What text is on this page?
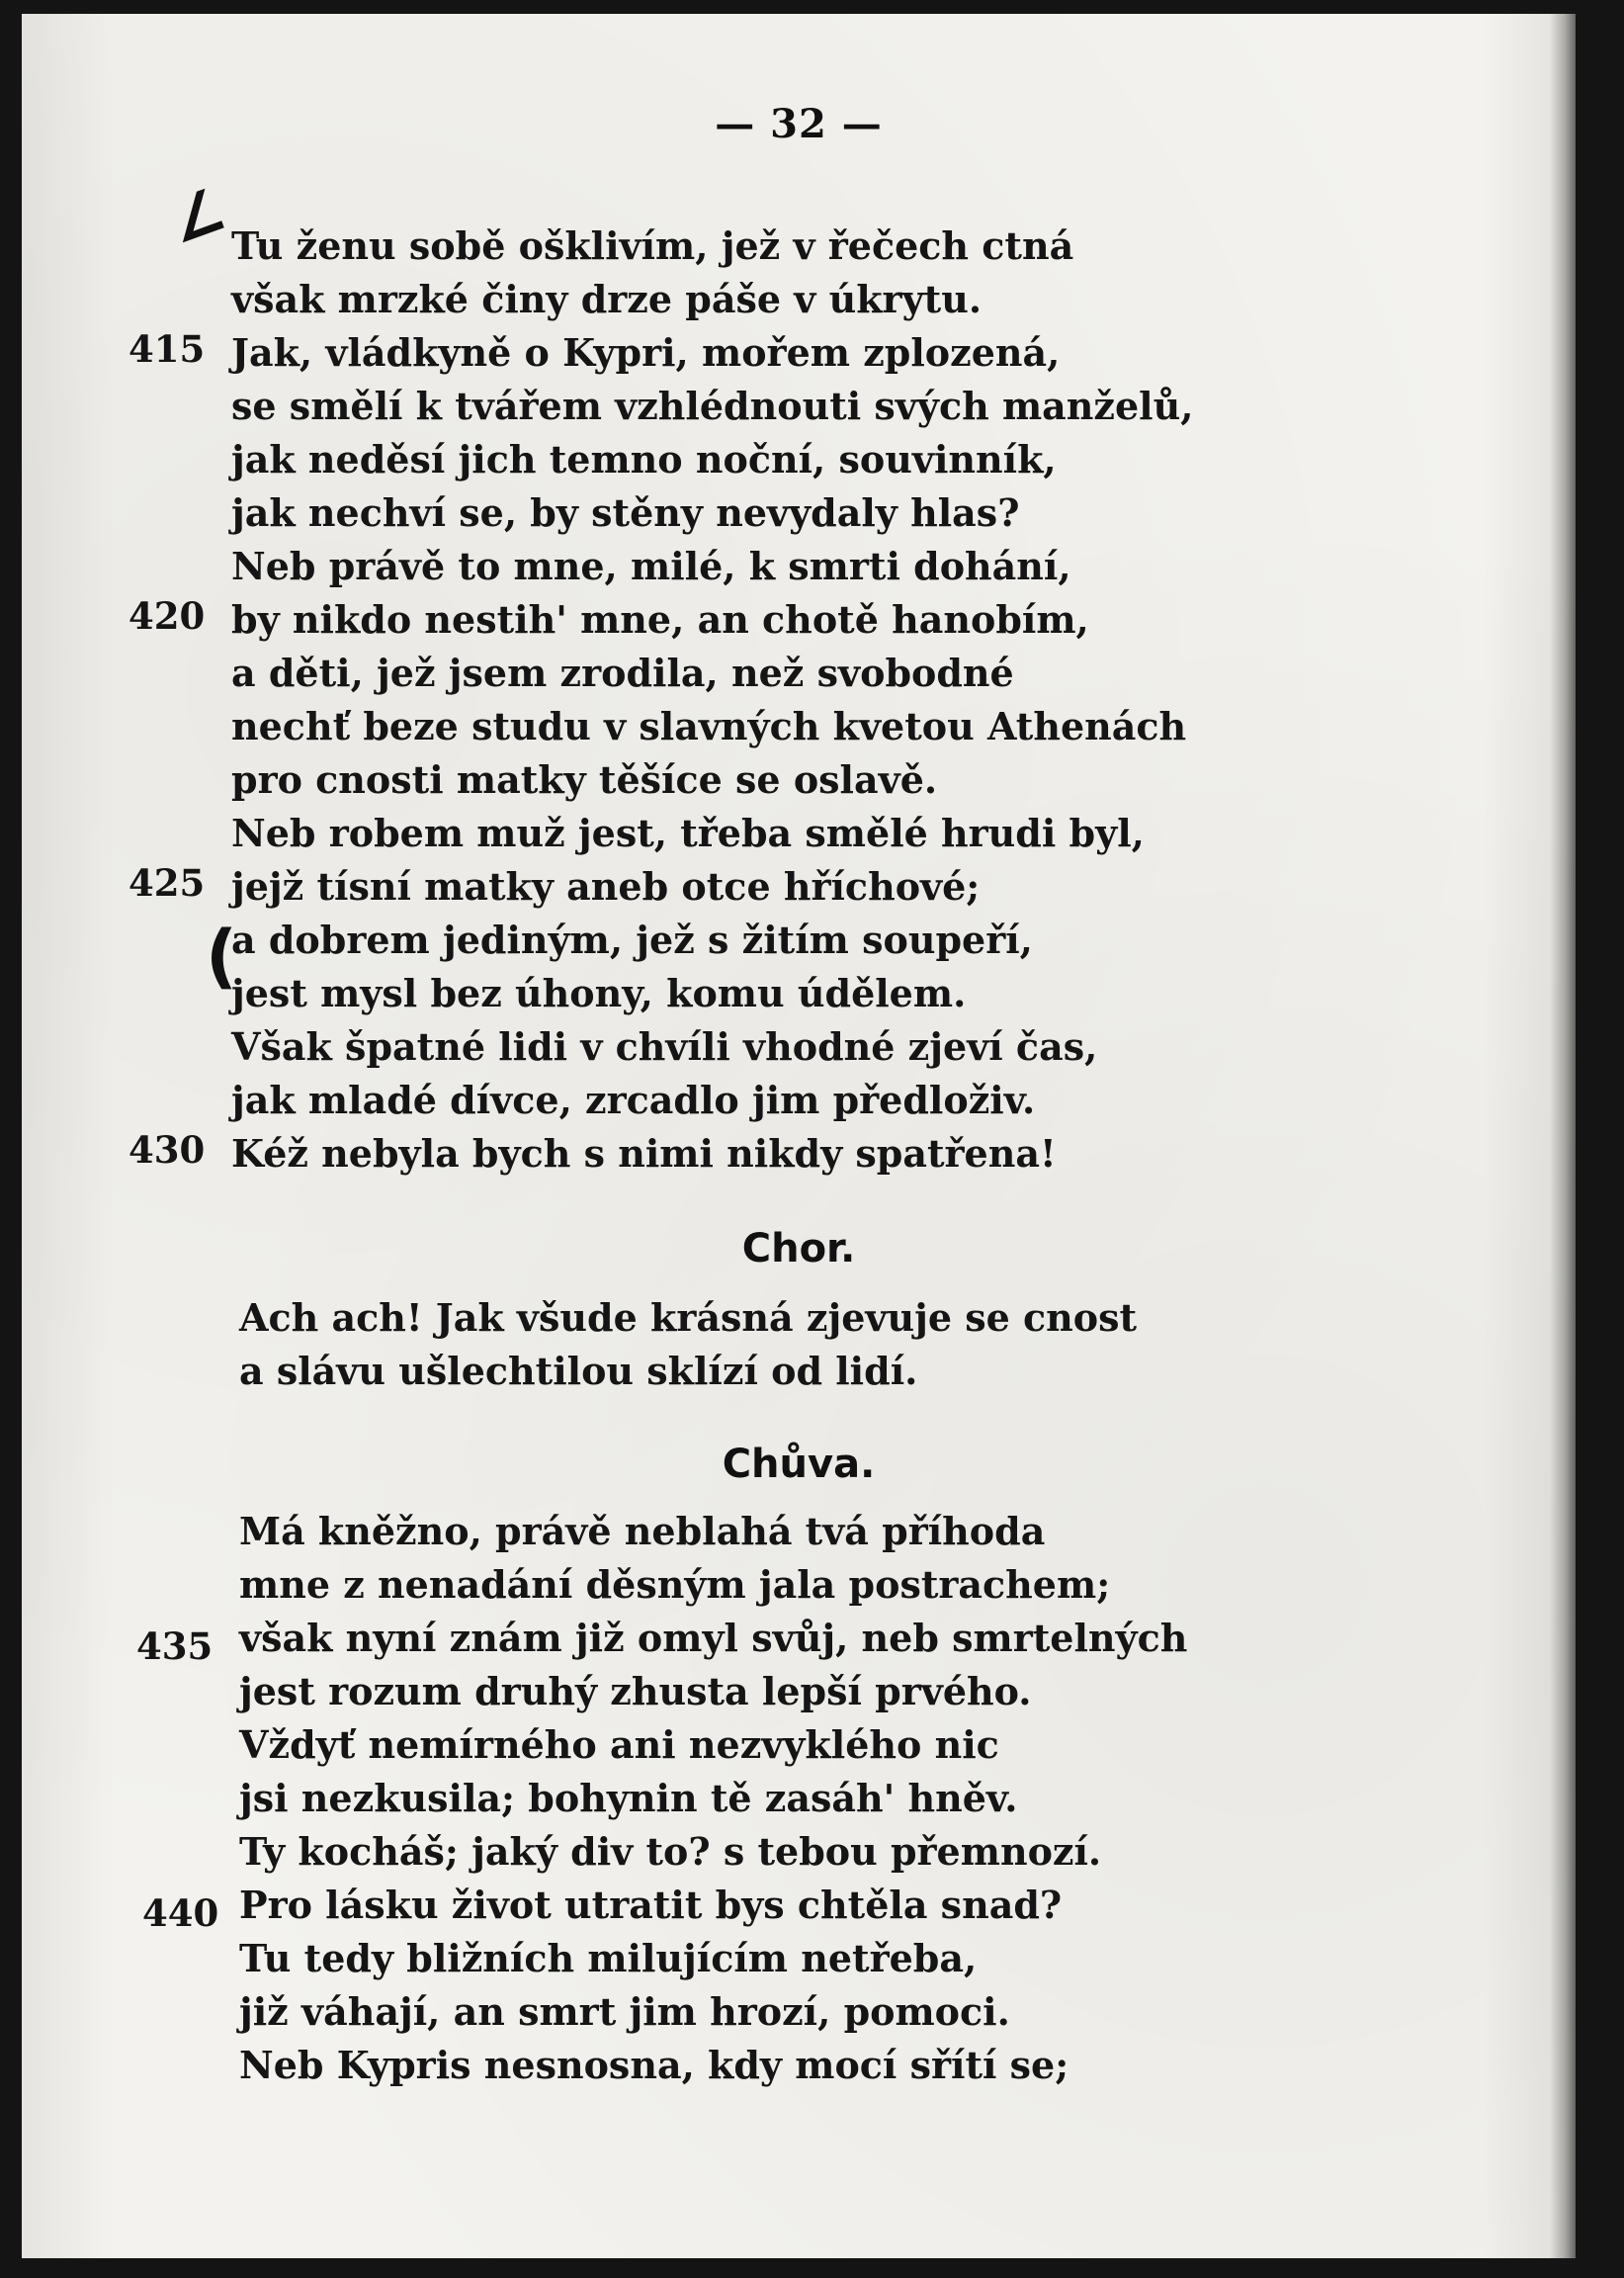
— 32 —
∠
(
Tu ženu sobě ošklivím, jež v řečech ctná
však mrzké činy drze páše v úkrytu.
415 Jak, vládkyně o Kypri, mořem zplozená,
se smělí k tvářem vzhlédnouti svých manželů,
jak neděsí jich temno noční, souvinník,
jak nechví se, by stěny nevydaly hlas?
Neb právě to mne, milé, k smrti dohání,
420 by nikdo nestih' mne, an chotě hanobím,
a děti, jež jsem zrodila, než svobodné
nechť beze studu v slavných kvetou Athenách
pro cnosti matky těšíce se oslavě.
Neb robem muž jest, třeba smělé hrudi byl,
425 jejž tísní matky aneb otce hříchové;
a dobrem jediným, jež s žitím soupeří,
jest mysl bez úhony, komu údělem.
Však špatné lidi v chvíli vhodné zjeví čas,
jak mladé dívce, zrcadlo jim předloživ.
430 Kéž nebyla bych s nimi nikdy spatřena!
Chor.
Ach ach! Jak všude krásná zjevuje se cnost
a slávu ušlechtilou sklízí od lidí.
Chůva.
Má kněžno, právě neblahá tvá příhoda
mne z nenadání děsným jala postrachem;
435 však nyní znám již omyl svůj, neb smrtelných
jest rozum druhý zhusta lepší prvého.
Vždyť nemírného ani nezvyklého nic
jsi nezkusila; bohynin tě zasáh' hněv.
Ty kocháš; jaký div to? s tebou přemnozí.
440 Pro lásku život utratit bys chtěla snad?
Tu tedy bližních milujícím netřeba,
již váhají, an smrt jim hrozí, pomoci.
Neb Kypris nesnosna, kdy mocí sřítí se;
